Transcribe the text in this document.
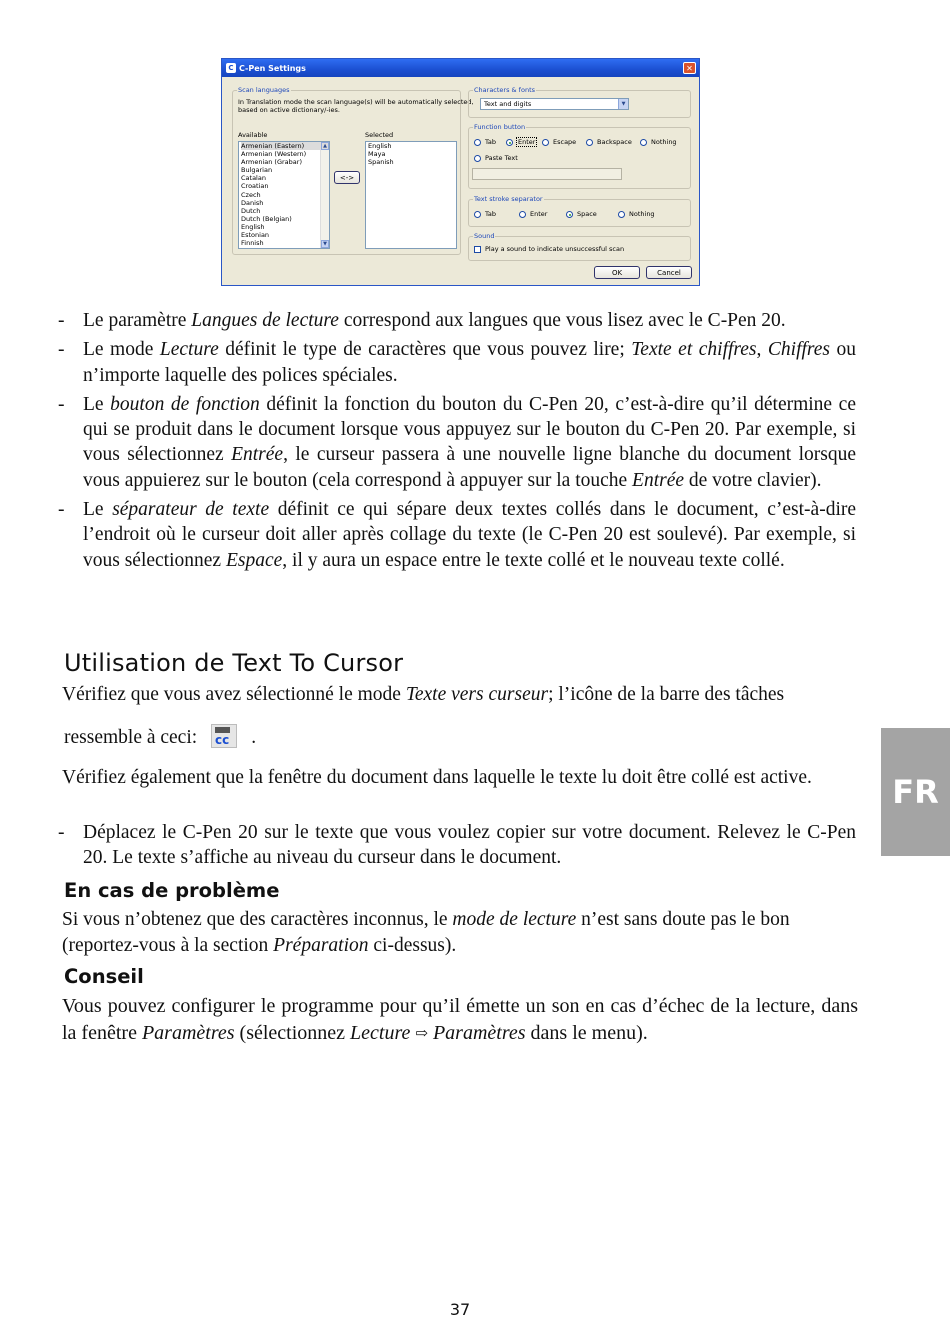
C C-Pen Settings	✕
Scan languages
In Translation mode the scan language(s) will be automatically selected,
based on active dictionary/-ies.
Available	Selected
Armenian (Eastern)
Armenian (Western)
Armenian (Grabar)
Bulgarian
Catalan
Croatian
Czech
Danish
Dutch
Dutch (Belgian)
English
Estonian
Finnish
▲
▼
<->
English
Maya
Spanish
Characters & fonts
Text and digits	▼
Function button
Tab	Enter	Escape	Backspace	Nothing
Paste Text
Text stroke separator
Tab	Enter	Space	Nothing
Sound
Play a sound to indicate unsuccessful scan
OK	Cancel
- Le paramètre Langues de lecture correspond aux langues que vous lisez avec le C-Pen 20.
- Le mode Lecture définit le type de caractères que vous pouvez lire; Texte et chiffres, Chiffres ou n’importe laquelle des polices spéciales.
- Le bouton de fonction définit la fonction du bouton du C-Pen 20, c’est-à-dire qu’il détermine ce qui se produit dans le document lorsque vous appuyez sur le bouton du C-Pen 20. Par exemple, si vous sélectionnez Entrée, le curseur passera à une nouvelle ligne blanche du document lorsque vous appuierez sur le bouton (cela correspond à appuyer sur la touche Entrée de votre clavier).
- Le séparateur de texte définit ce qui sépare deux textes collés dans le document, c’est-à-dire l’endroit où le curseur doit aller après collage du texte (le C-Pen 20 est soulevé). Par exemple, si vous sélectionnez Espace, il y aura un espace entre le texte collé et le nouveau texte collé.
Utilisation de Text To Cursor

Vérifiez que vous avez sélectionné le mode Texte vers curseur; l’icône de la barre des tâches

ressemble à ceci: cc .

Vérifiez également que la fenêtre du document dans laquelle le texte lu doit être collé est active.

- Déplacez le C-Pen 20 sur le texte que vous voulez copier sur votre document. Relevez le C-Pen 20. Le texte s’affiche au niveau du curseur dans le document.
En cas de problème

Si vous n’obtenez que des caractères inconnus, le mode de lecture n’est sans doute pas le bon (reportez-vous à la section Préparation ci-dessus).

Conseil

Vous pouvez configurer le programme pour qu’il émette un son en cas d’échec de la lecture, dans la fenêtre Paramètres (sélectionnez Lecture ⇨ Paramètres dans le menu).

FR
37
